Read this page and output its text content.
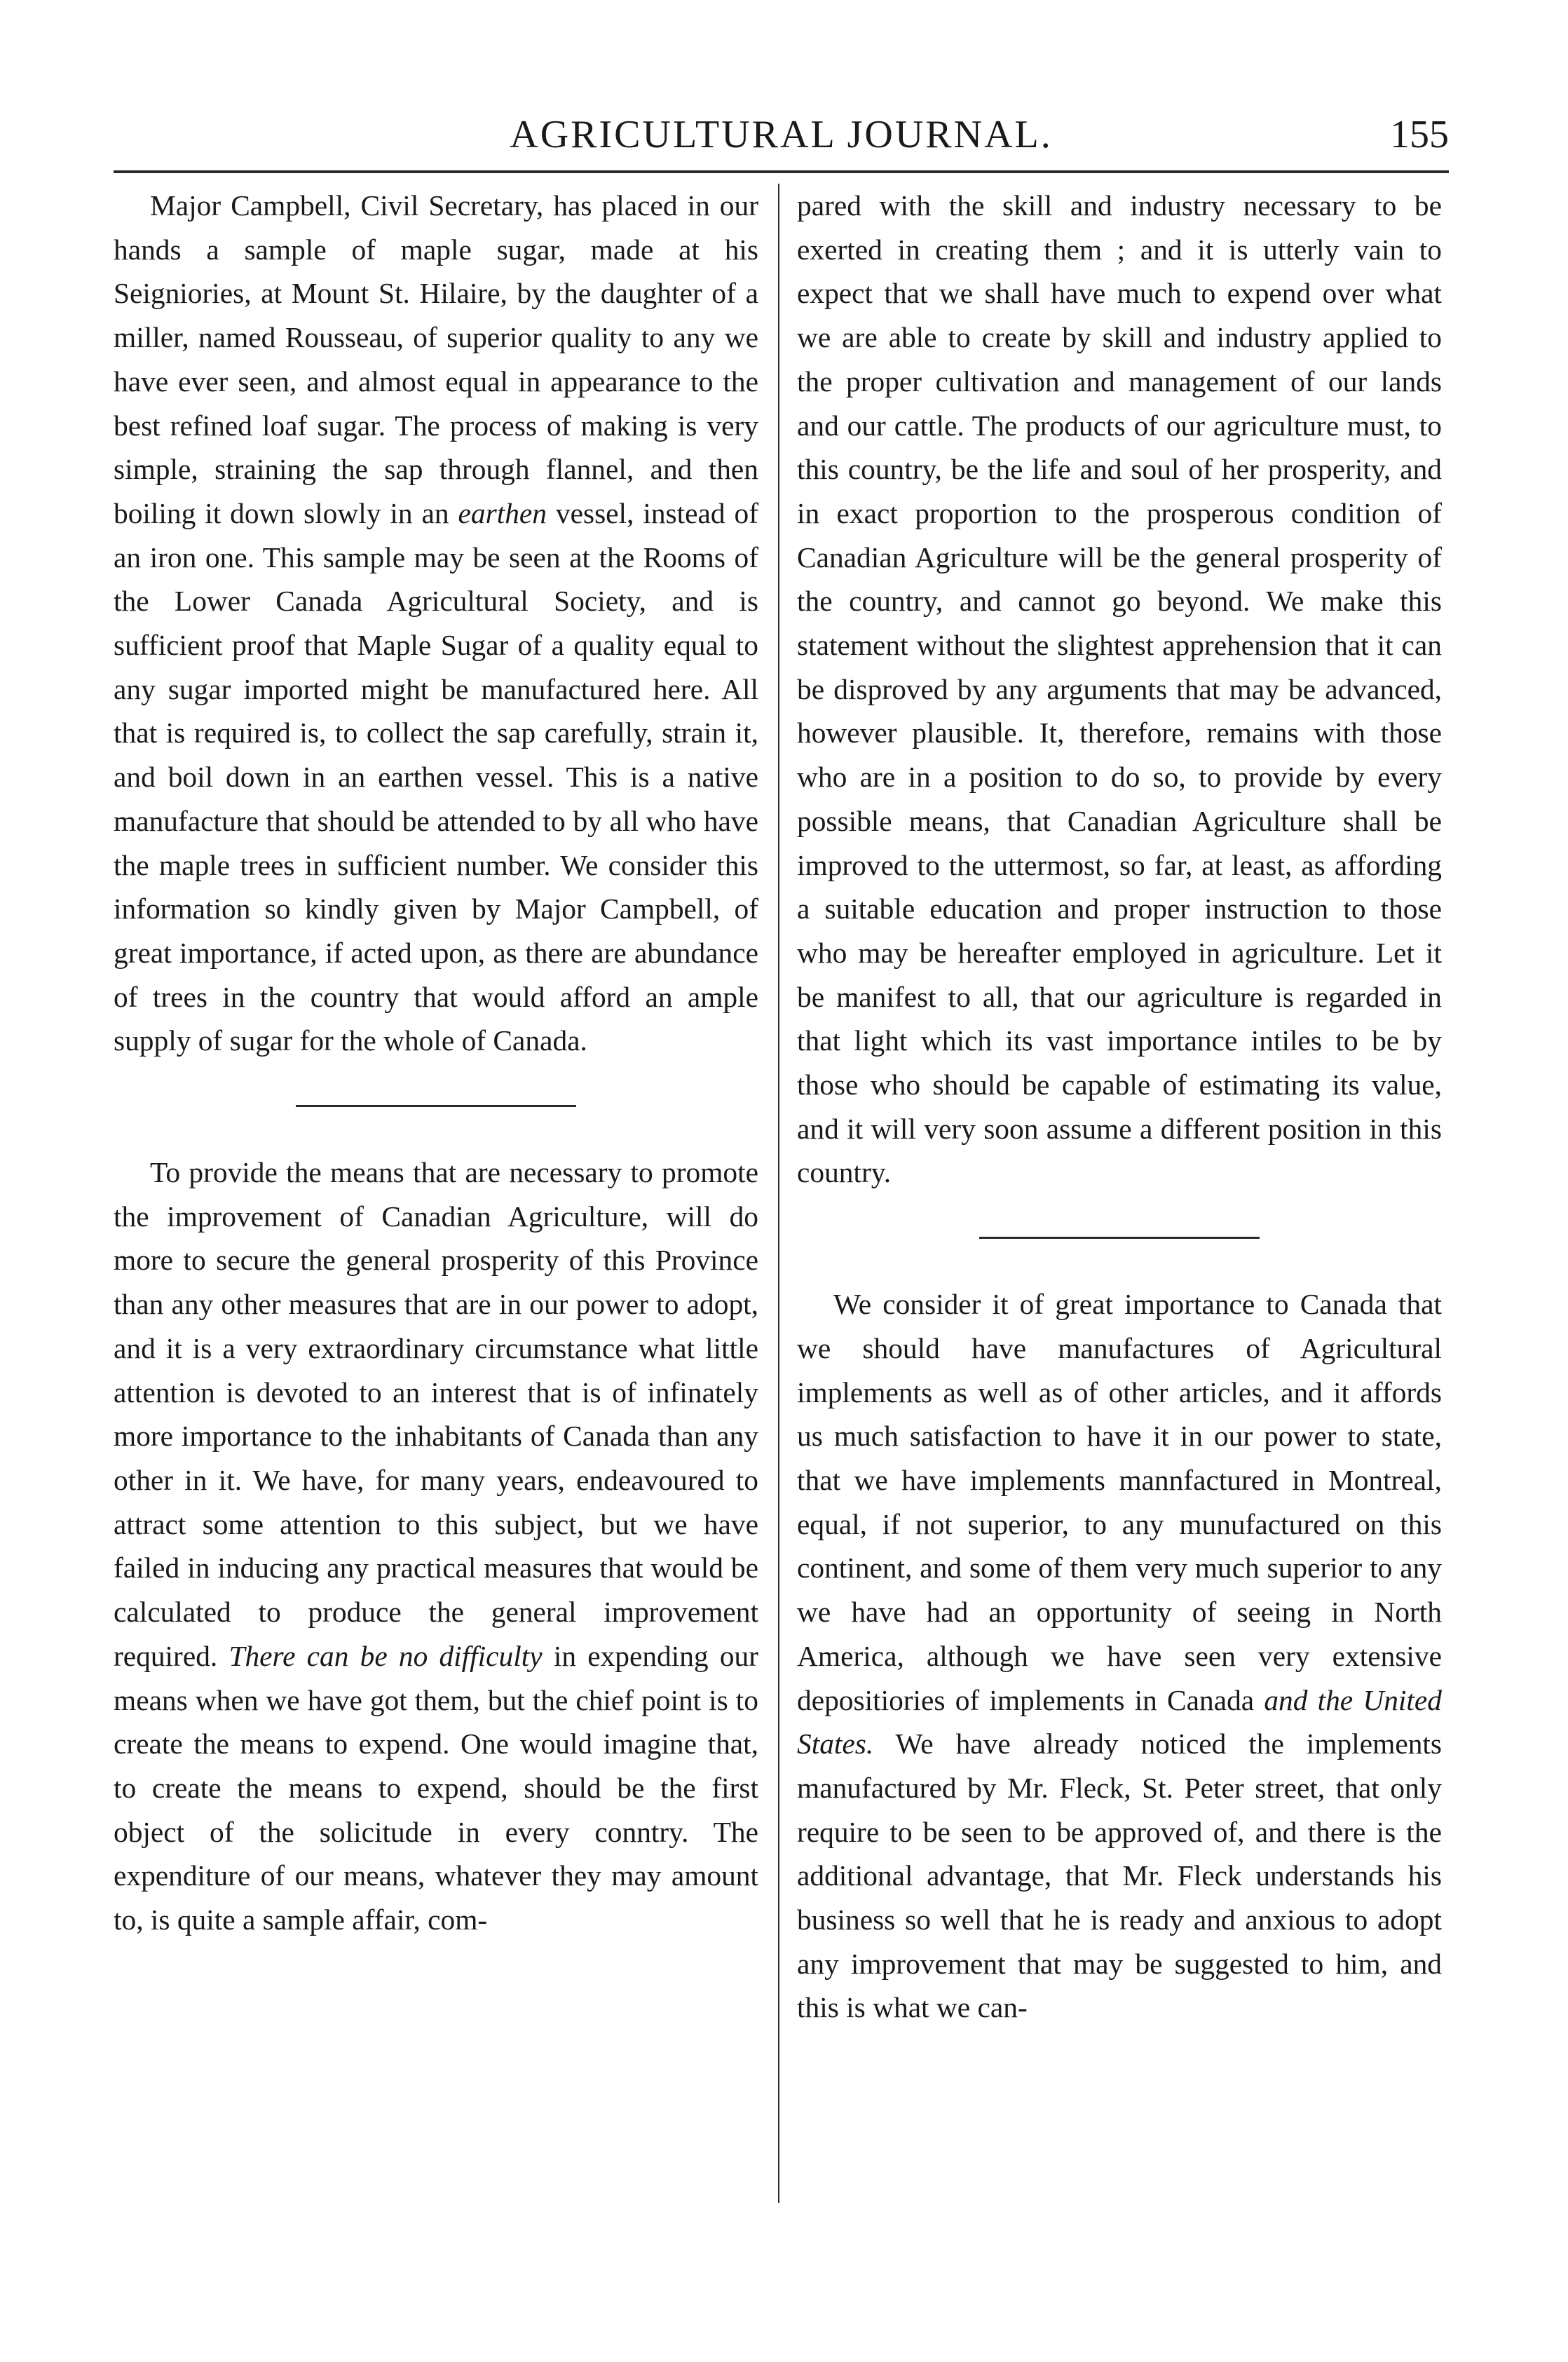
AGRICULTURAL JOURNAL.	155

Major Campbell, Civil Secretary, has placed in our hands a sample of maple sugar, made at his Seigniories, at Mount St. Hilaire, by the daughter of a miller, named Rousseau, of superior quality to any we have ever seen, and almost equal in appearance to the best refined loaf sugar. The process of making is very simple, straining the sap through flannel, and then boiling it down slowly in an earthen vessel, instead of an iron one. This sample may be seen at the Rooms of the Lower Canada Agricultural Society, and is sufficient proof that Maple Sugar of a quality equal to any sugar imported might be manufactured here. All that is required is, to collect the sap carefully, strain it, and boil down in an earthen vessel. This is a native manufacture that should be attended to by all who have the maple trees in sufficient number. We consider this information so kindly given by Major Campbell, of great importance, if acted upon, as there are abundance of trees in the country that would afford an ample supply of sugar for the whole of Canada.

To provide the means that are necessary to promote the improvement of Canadian Agriculture, will do more to secure the general prosperity of this Province than any other measures that are in our power to adopt, and it is a very extraordinary circumstance what little attention is devoted to an interest that is of infinately more importance to the inhabitants of Canada than any other in it. We have, for many years, endeavoured to attract some attention to this subject, but we have failed in inducing any practical measures that would be calculated to produce the general improvement required. There can be no difficulty in expending our means when we have got them, but the chief point is to create the means to expend. One would imagine that, to create the means to expend, should be the first object of the solicitude in every conntry. The expenditure of our means, whatever they may amount to, is quite a sample affair, com-

pared with the skill and industry necessary to be exerted in creating them ; and it is utterly vain to expect that we shall have much to expend over what we are able to create by skill and industry applied to the proper cultivation and management of our lands and our cattle. The products of our agriculture must, to this country, be the life and soul of her prosperity, and in exact proportion to the prosperous condition of Canadian Agriculture will be the general prosperity of the country, and cannot go beyond. We make this statement without the slightest apprehension that it can be disproved by any arguments that may be advanced, however plausible. It, therefore, remains with those who are in a position to do so, to provide by every possible means, that Canadian Agriculture shall be improved to the uttermost, so far, at least, as affording a suitable education and proper instruction to those who may be hereafter employed in agriculture. Let it be manifest to all, that our agriculture is regarded in that light which its vast importance intiles to be by those who should be capable of estimating its value, and it will very soon assume a different position in this country.

We consider it of great importance to Canada that we should have manufactures of Agricultural implements as well as of other articles, and it affords us much satisfaction to have it in our power to state, that we have implements mannfactured in Montreal, equal, if not superior, to any munufactured on this continent, and some of them very much superior to any we have had an opportunity of seeing in North America, although we have seen very extensive depositiories of implements in Canada and the United States. We have already noticed the implements manufactured by Mr. Fleck, St. Peter street, that only require to be seen to be approved of, and there is the additional advantage, that Mr. Fleck understands his business so well that he is ready and anxious to adopt any improvement that may be suggested to him, and this is what we can-
